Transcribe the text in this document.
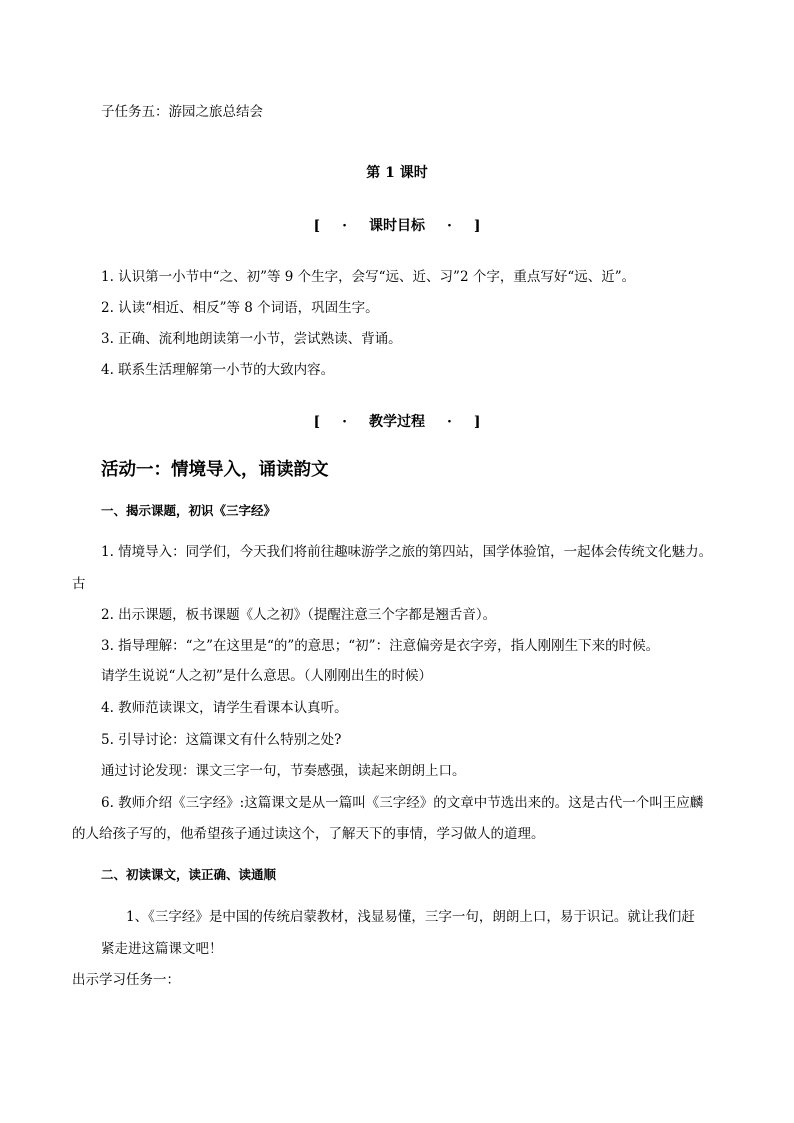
子任务五：游园之旅总结会
第 1 课时
[ · 课时目标 · ]
1. 认识第一小节中“之、初”等 9 个生字，会写“远、近、习”2 个字，重点写好“远、近”。
2. 认读“相近、相反”等 8 个词语，巩固生字。
3. 正确、流利地朗读第一小节，尝试熟读、背诵。
4. 联系生活理解第一小节的大致内容。
[ · 教学过程 · ]
活动一：情境导入，诵读韵文
一、揭示课题，初识《三字经》
1. 情境导入：同学们，今天我们将前往趣味游学之旅的第四站，国学体验馆，一起体会传统文化魅力。
古
2. 出示课题，板书课题《人之初》（提醒注意三个字都是翘舌音）。
3. 指导理解：“之”在这里是“的”的意思；“初”：注意偏旁是衣字旁，指人刚刚生下来的时候。
请学生说说“人之初”是什么意思。（人刚刚出生的时候）
4. 教师范读课文，请学生看课本认真听。
5. 引导讨论：这篇课文有什么特别之处?
通过讨论发现：课文三字一句，节奏感强，读起来朗朗上口。
6. 教师介绍《三字经》:这篇课文是从一篇叫《三字经》的文章中节选出来的。这是古代一个叫王应麟
的人给孩子写的，他希望孩子通过读这个，了解天下的事情，学习做人的道理。
二、初读课文，读正确、读通顺
1、《三字经》是中国的传统启蒙教材，浅显易懂，三字一句，朗朗上口，易于识记。就让我们赶
紧走进这篇课文吧！
出示学习任务一：
